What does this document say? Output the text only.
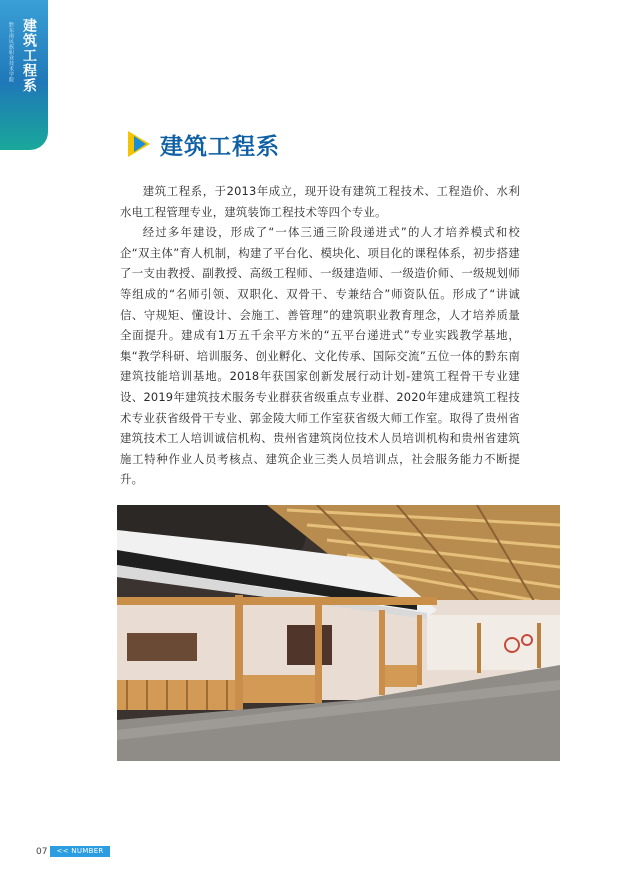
建筑工程系
黔东南民族职业技术学院
建筑工程系

建筑工程系，于2013年成立，现开设有建筑工程技术、工程造价、水利水电工程管理专业，建筑装饰工程技术等四个专业。

经过多年建设，形成了“一体三通三阶段递进式”的人才培养模式和校企“双主体”育人机制，构建了平台化、模块化、项目化的课程体系，初步搭建了一支由教授、副教授、高级工程师、一级建造师、一级造价师、一级规划师等组成的“名师引领、双职化、双骨干、专兼结合”师资队伍。形成了“讲诚信、守规矩、懂设计、会施工、善管理”的建筑职业教育理念，人才培养质量全面提升。建成有1万五千余平方米的“五平台递进式”专业实践教学基地，集“教学科研、培训服务、创业孵化、文化传承、国际交流”五位一体的黔东南建筑技能培训基地。2018年获国家创新发展行动计划-建筑工程骨干专业建设、2019年建筑技术服务专业群获省级重点专业群、2020年建成建筑工程技术专业获省级骨干专业、郭金陵大师工作室获省级大师工作室。取得了贵州省建筑技术工人培训诚信机构、贵州省建筑岗位技术人员培训机构和贵州省建筑施工特种作业人员考核点、建筑企业三类人员培训点，社会服务能力不断提升。

07	<< NUMBER
